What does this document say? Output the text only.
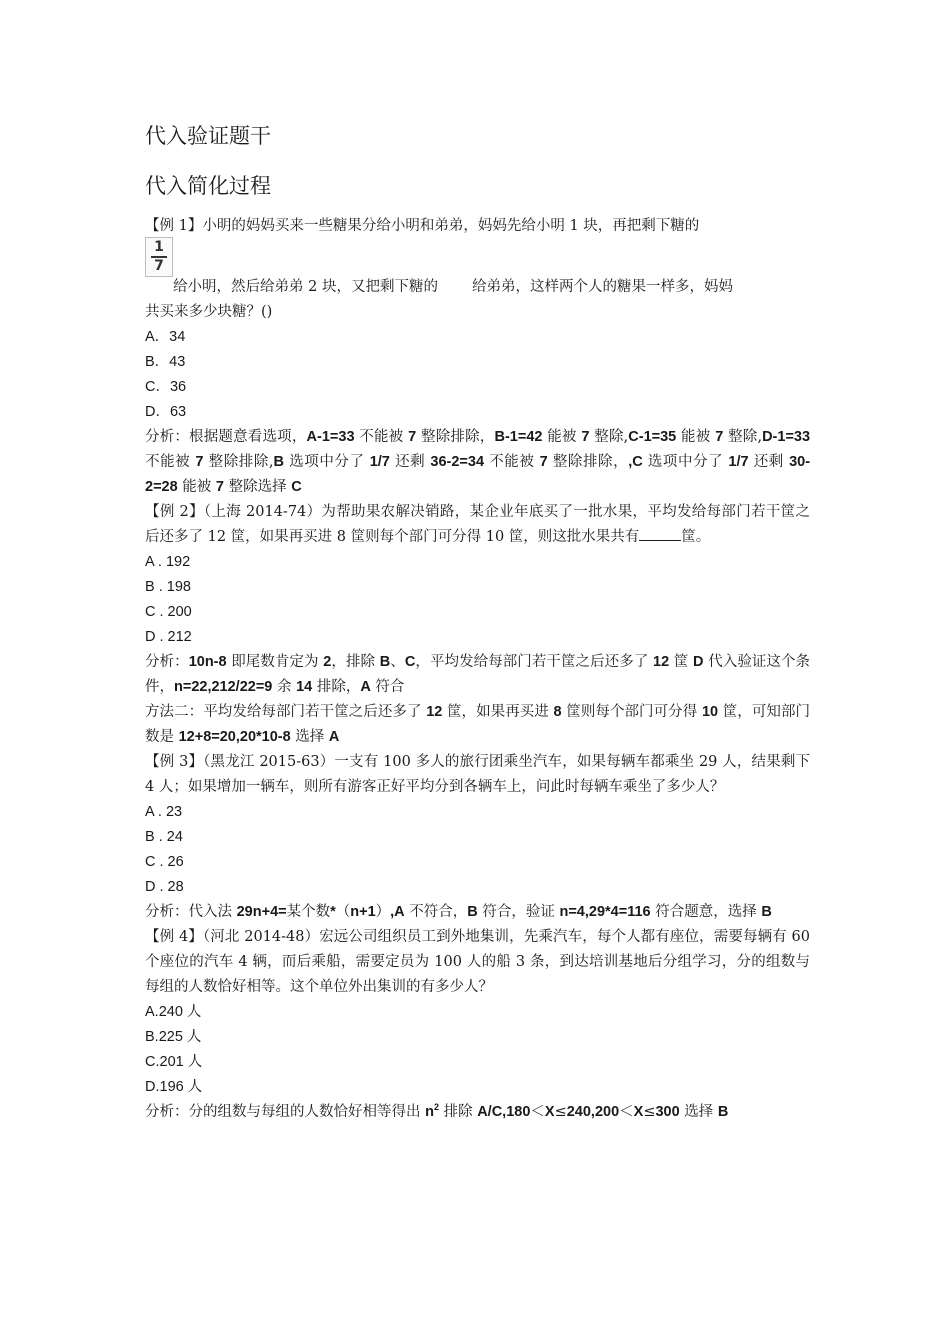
代入验证题干

代入简化过程

【例 1】小明的妈妈买来一些糖果分给小明和弟弟，妈妈先给小明 1 块，再把剩下糖的

1
7
给小明，然后给弟弟 2 块，又把剩下糖的 给弟弟，这样两个人的糖果一样多，妈妈

共买来多少块糖？()

A．34

B．43

C．36

D．63

分析：根据题意看选项，A-1=33 不能被 7 整除排除，B-1=42 能被 7 整除,C-1=35 能被 7 整除,D-1=33 不能被 7 整除排除,B 选项中分了 1/7 还剩 36-2=34 不能被 7 整除排除，,C 选项中分了 1/7 还剩 30-2=28 能被 7 整除选择 C

【例 2】（上海 2014-74）为帮助果农解决销路，某企业年底买了一批水果，平均发给每部门若干筐之后还多了 12 筐，如果再买进 8 筐则每个部门可分得 10 筐，则这批水果共有	筐。

A . 192

B . 198

C . 200

D . 212

分析：10n-8 即尾数肯定为 2，排除 B、C，平均发给每部门若干筐之后还多了 12 筐 D 代入验证这个条件，n=22,212/22=9 余 14 排除，A 符合

方法二：平均发给每部门若干筐之后还多了 12 筐，如果再买进 8 筐则每个部门可分得 10 筐，可知部门数是 12+8=20,20*10-8 选择 A

【例 3】（黑龙江 2015-63）一支有 100 多人的旅行团乘坐汽车，如果每辆车都乘坐 29 人，结果剩下 4 人；如果增加一辆车，则所有游客正好平均分到各辆车上，问此时每辆车乘坐了多少人？

A . 23

B . 24

C . 26

D . 28

分析：代入法 29n+4=某个数*（n+1）,A 不符合，B 符合，验证 n=4,29*4=116 符合题意，选择 B

【例 4】（河北 2014-48）宏远公司组织员工到外地集训，先乘汽车，每个人都有座位，需要每辆有 60 个座位的汽车 4 辆，而后乘船，需要定员为 100 人的船 3 条，到达培训基地后分组学习，分的组数与每组的人数恰好相等。这个单位外出集训的有多少人？

A.240 人

B.225 人

C.201 人

D.196 人

分析：分的组数与每组的人数恰好相等得出 $n^2$ 排除 A/C,180＜X≤240,200＜X≤300 选择 B
